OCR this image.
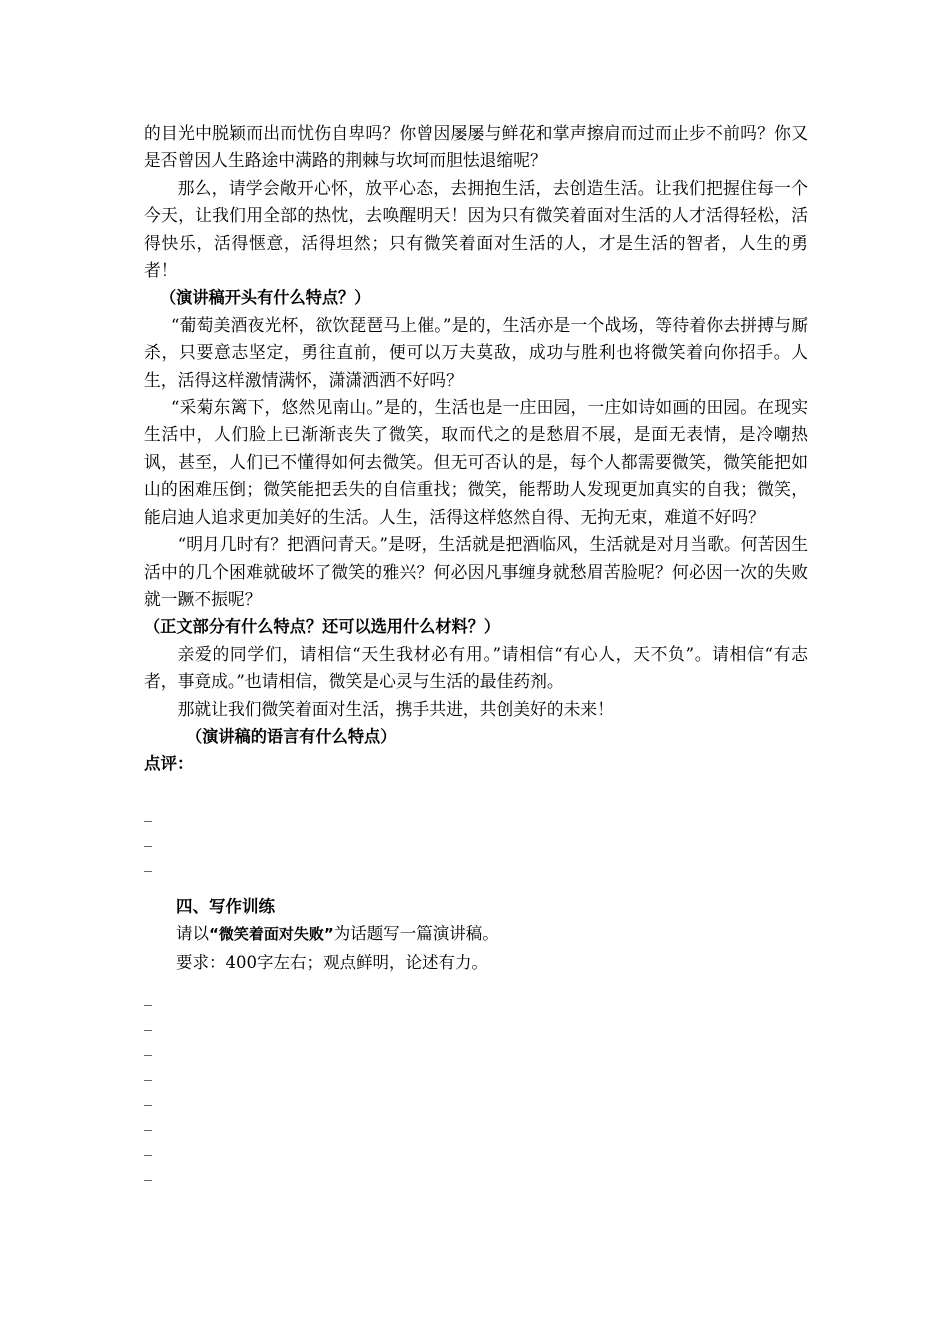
的目光中脱颖而出而忧伤自卑吗？你曾因屡屡与鲜花和掌声擦肩而过而止步不前吗？你又是否曾因人生路途中满路的荆棘与坎坷而胆怯退缩呢？

那么，请学会敞开心怀，放平心态，去拥抱生活，去创造生活。让我们把握住每一个今天，让我们用全部的热忱，去唤醒明天！因为只有微笑着面对生活的人才活得轻松，活得快乐，活得惬意，活得坦然；只有微笑着面对生活的人，才是生活的智者，人生的勇者！

（演讲稿开头有什么特点？）

“葡萄美酒夜光杯，欲饮琵琶马上催。”是的，生活亦是一个战场，等待着你去拼搏与厮杀，只要意志坚定，勇往直前，便可以万夫莫敌，成功与胜利也将微笑着向你招手。人生，活得这样激情满怀，潇潇洒洒不好吗？

“采菊东篱下，悠然见南山。”是的，生活也是一庄田园，一庄如诗如画的田园。在现实生活中，人们脸上已渐渐丧失了微笑，取而代之的是愁眉不展，是面无表情，是冷嘲热讽，甚至，人们已不懂得如何去微笑。但无可否认的是，每个人都需要微笑，微笑能把如山的困难压倒；微笑能把丢失的自信重找；微笑，能帮助人发现更加真实的自我；微笑，能启迪人追求更加美好的生活。人生，活得这样悠然自得、无拘无束，难道不好吗？

“明月几时有？把酒问青天。”是呀，生活就是把酒临风，生活就是对月当歌。何苦因生活中的几个困难就破坏了微笑的雅兴？何必因凡事缠身就愁眉苦脸呢？何必因一次的失败就一蹶不振呢？

（正文部分有什么特点？还可以选用什么材料？）

亲爱的同学们，请相信“天生我材必有用。”请相信“有心人，天不负”。请相信“有志者，事竟成。”也请相信，微笑是心灵与生活的最佳药剂。

那就让我们微笑着面对生活，携手共进，共创美好的未来！

（演讲稿的语言有什么特点）

点评：

_

_

_

四、写作训练

请以“微笑着面对失败”为话题写一篇演讲稿。

要求：400字左右；观点鲜明，论述有力。

_

_

_

_

_

_

_

_
